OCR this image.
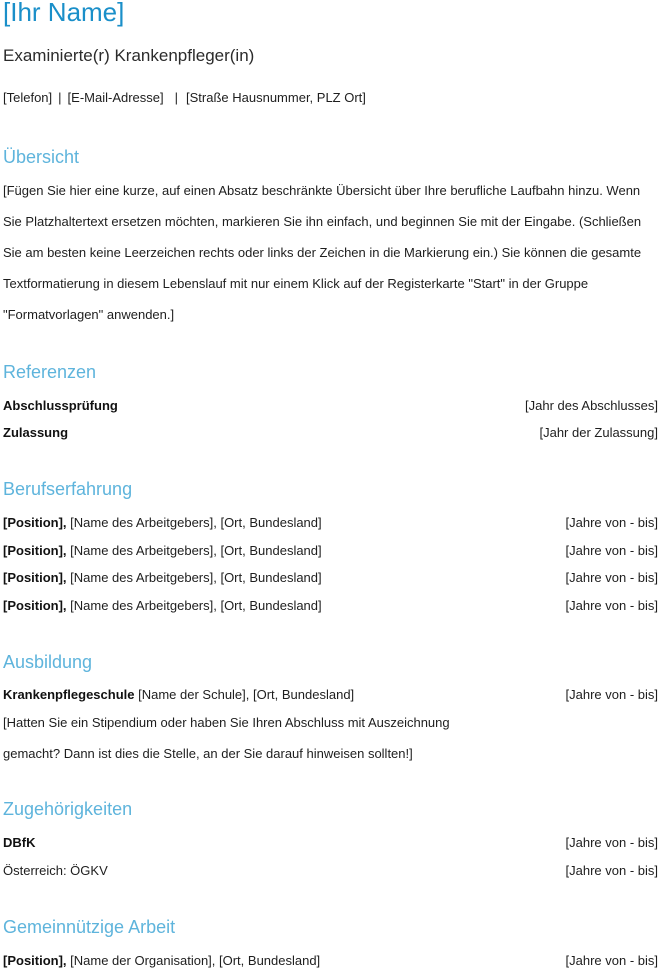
[Ihr Name]
Examinierte(r) Krankenpfleger(in)
[Telefon] | [E-Mail-Adresse] | [Straße Hausnummer, PLZ Ort]
Übersicht
[Fügen Sie hier eine kurze, auf einen Absatz beschränkte Übersicht über Ihre berufliche Laufbahn hinzu. Wenn Sie Platzhaltertext ersetzen möchten, markieren Sie ihn einfach, und beginnen Sie mit der Eingabe. (Schließen Sie am besten keine Leerzeichen rechts oder links der Zeichen in die Markierung ein.) Sie können die gesamte Textformatierung in diesem Lebenslauf mit nur einem Klick auf der Registerkarte "Start" in der Gruppe "Formatvorlagen" anwenden.]
Referenzen
Abschlussprüfung	[Jahr des Abschlusses]
Zulassung	[Jahr der Zulassung]
Berufserfahrung
[Position], [Name des Arbeitgebers], [Ort, Bundesland]	[Jahre von - bis]
[Position], [Name des Arbeitgebers], [Ort, Bundesland]	[Jahre von - bis]
[Position], [Name des Arbeitgebers], [Ort, Bundesland]	[Jahre von - bis]
[Position], [Name des Arbeitgebers], [Ort, Bundesland]	[Jahre von - bis]
Ausbildung
Krankenpflegeschule [Name der Schule], [Ort, Bundesland]	[Jahre von - bis]
[Hatten Sie ein Stipendium oder haben Sie Ihren Abschluss mit Auszeichnung gemacht? Dann ist dies die Stelle, an der Sie darauf hinweisen sollten!]
Zugehörigkeiten
DBfK	[Jahre von - bis]
Österreich: ÖGKV	[Jahre von - bis]
Gemeinnützige Arbeit
[Position], [Name der Organisation], [Ort, Bundesland]	[Jahre von - bis]
